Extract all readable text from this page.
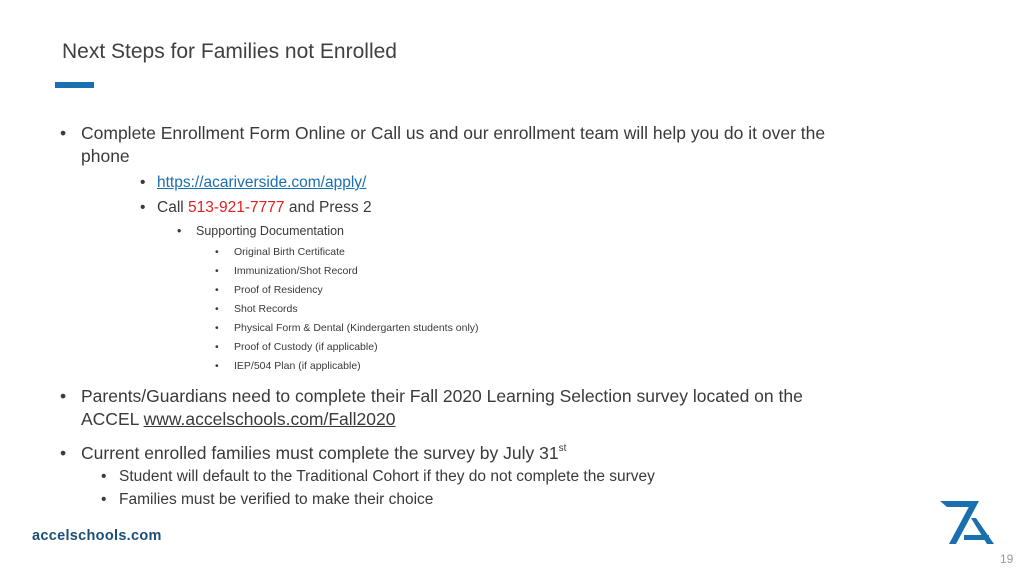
Next Steps for Families not Enrolled
• Complete Enrollment Form Online or Call us and our enrollment team will help you do it over the
phone
• https://acariverside.com/apply/
• Call 513-921-7777 and Press 2
• Supporting Documentation
• Original Birth Certificate
• Immunization/Shot Record
• Proof of Residency
• Shot Records
• Physical Form & Dental (Kindergarten students only)
• Proof of Custody (if applicable)
• IEP/504 Plan (if applicable)
• Parents/Guardians need to complete their Fall 2020 Learning Selection survey located on the
ACCEL www.accelschools.com/Fall2020
• Current enrolled families must complete the survey by July 31st
• Student will default to the Traditional Cohort if they do not complete the survey
• Families must be verified to make their choice
accelschools.com
19
